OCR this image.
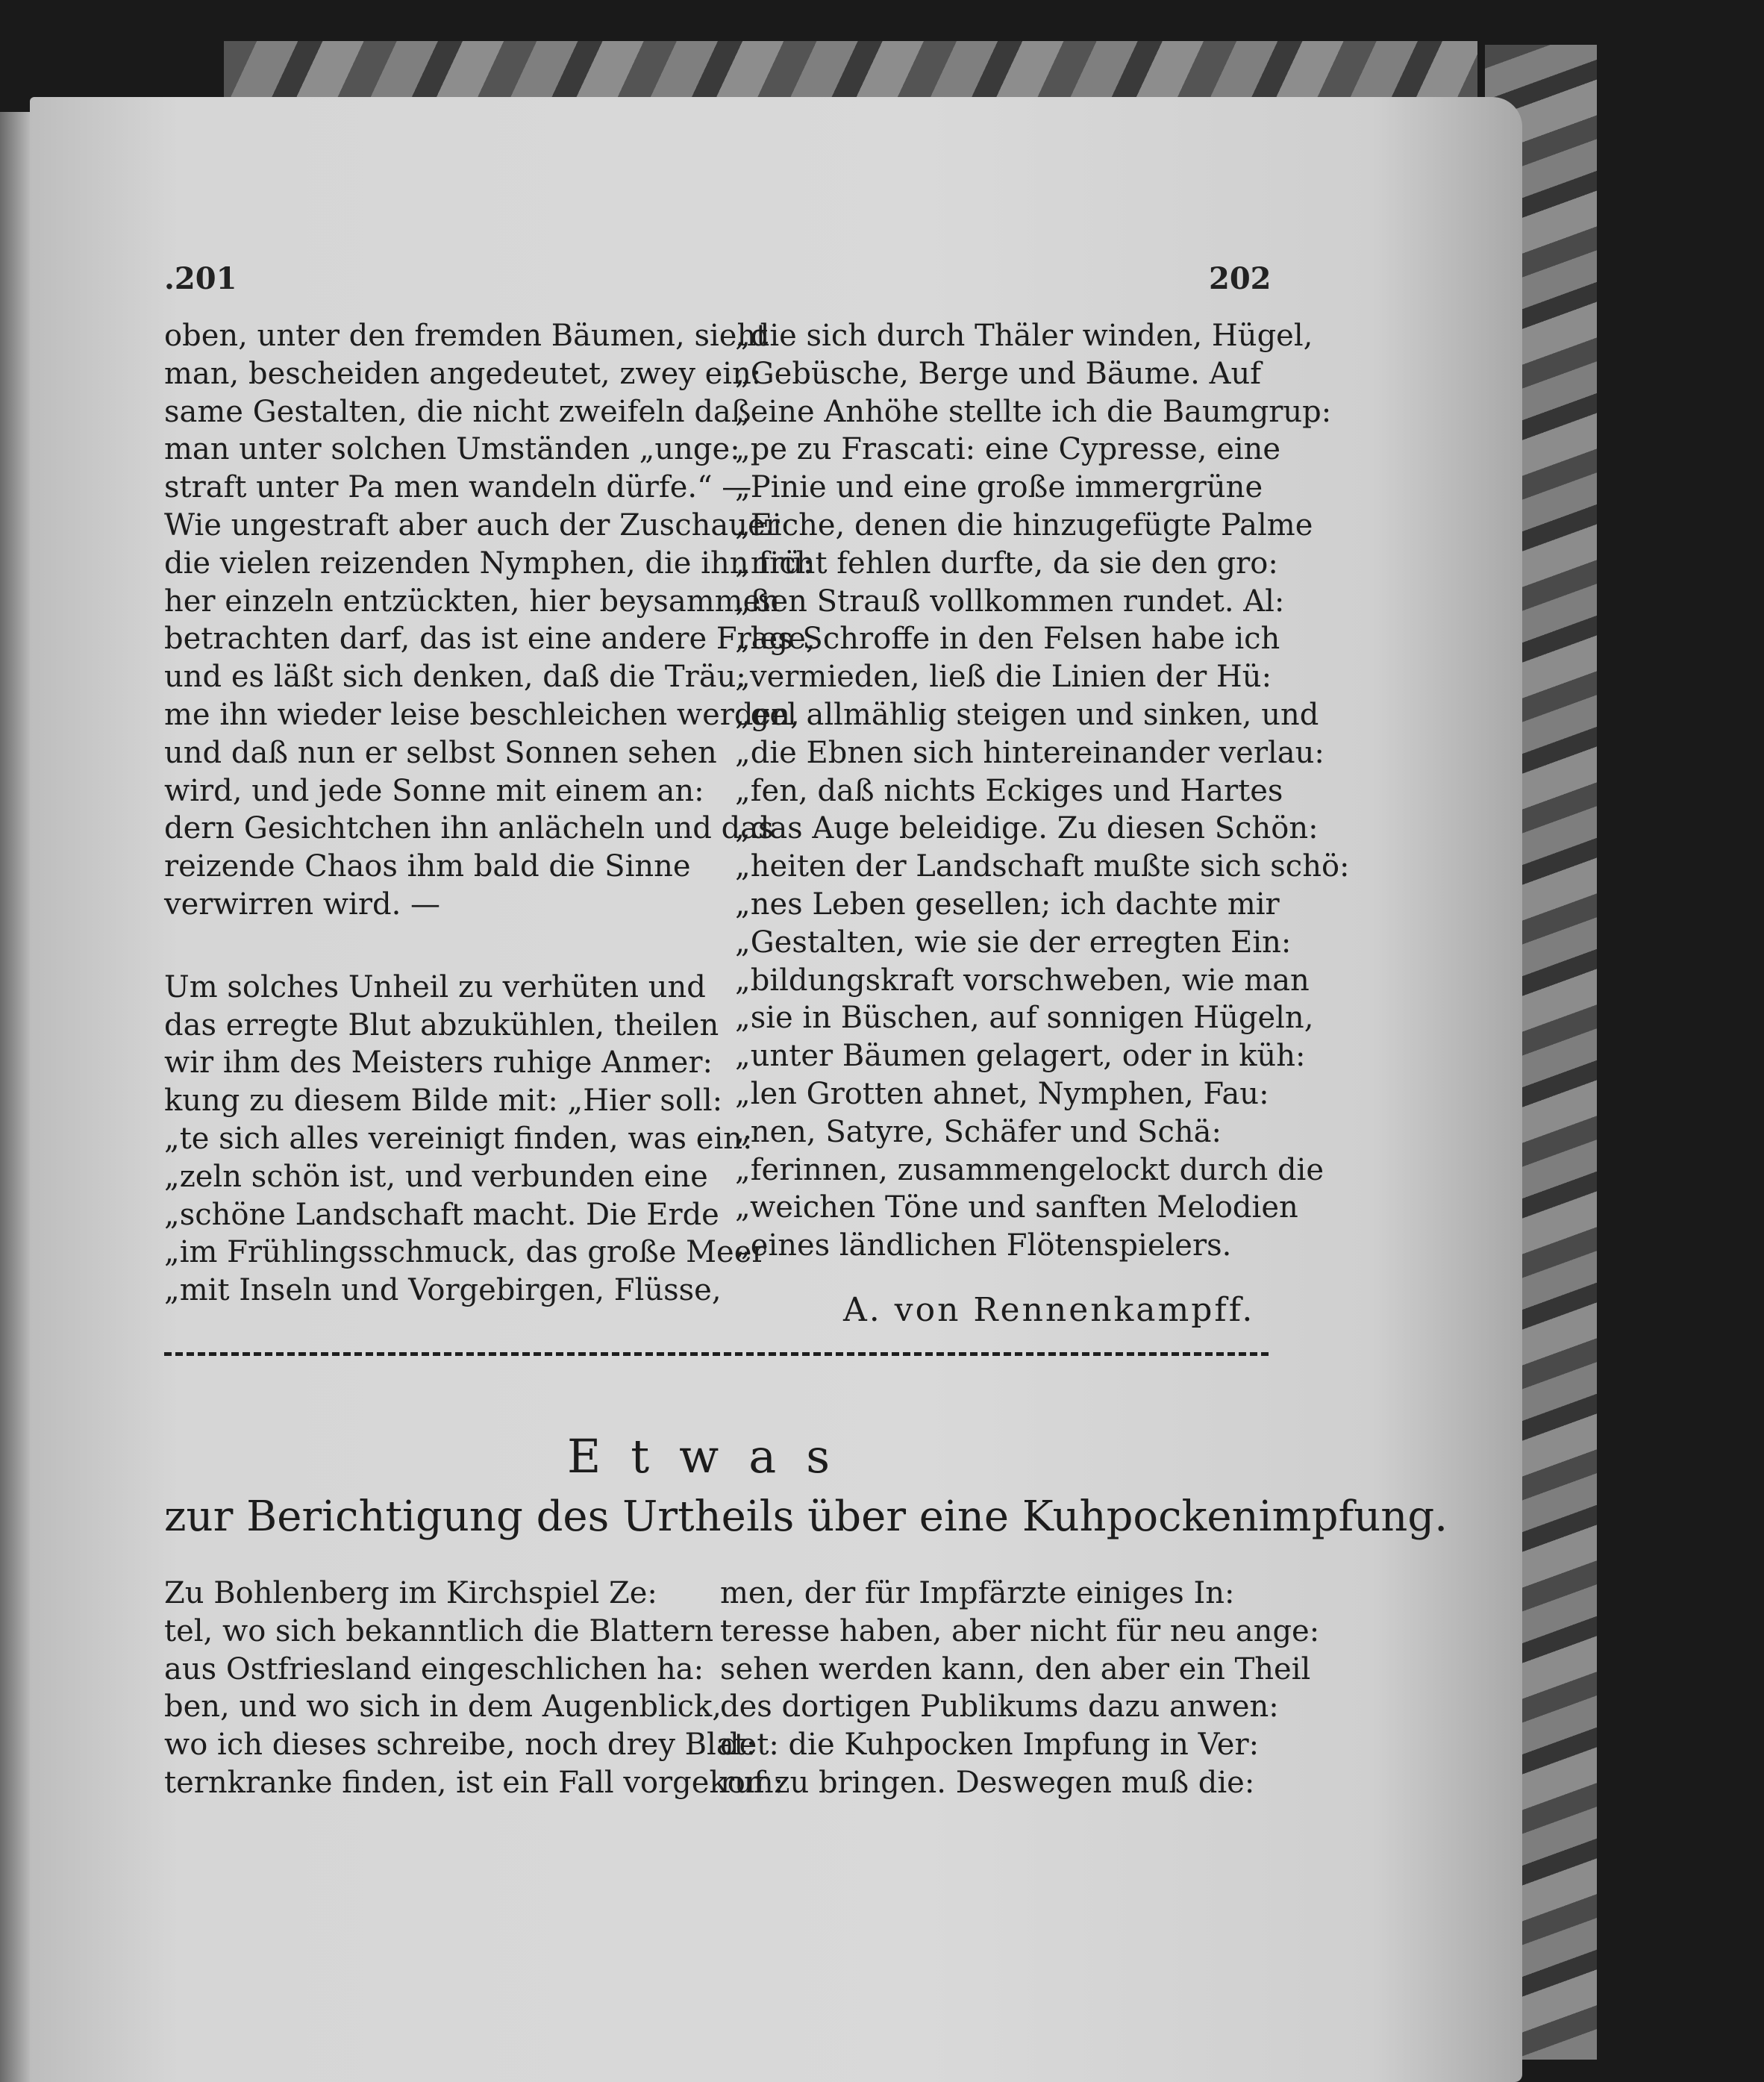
.201	202
oben, unter den fremden Bäumen, sieht
man, bescheiden angedeutet, zwey ein:
same Gestalten, die nicht zweifeln daß
man unter solchen Umständen „unge:
straft unter Pa men wandeln dürfe.“ —
Wie ungestraft aber auch der Zuschauer
die vielen reizenden Nymphen, die ihn frü:
her einzeln entzückten, hier beysammen
betrachten darf, das ist eine andere Frage,
und es läßt sich denken, daß die Träu:
me ihn wieder leise beschleichen werden,
und daß nun er selbst Sonnen sehen
wird, und jede Sonne mit einem an:
dern Gesichtchen ihn anlächeln und das
reizende Chaos ihm bald die Sinne
verwirren wird. —
Um solches Unheil zu verhüten und
das erregte Blut abzukühlen, theilen
wir ihm des Meisters ruhige Anmer:
kung zu diesem Bilde mit: „Hier soll:
„te sich alles vereinigt finden, was ein:
„zeln schön ist, und verbunden eine
„schöne Landschaft macht. Die Erde
„im Frühlingsschmuck, das große Meer
„mit Inseln und Vorgebirgen, Flüsse,
„die sich durch Thäler winden, Hügel,
„Gebüsche, Berge und Bäume. Auf
„eine Anhöhe stellte ich die Baumgrup:
„pe zu Frascati: eine Cypresse, eine
„Pinie und eine große immergrüne
„Eiche, denen die hinzugefügte Palme
„nicht fehlen durfte, da sie den gro:
„ßen Strauß vollkommen rundet. Al:
„les Schroffe in den Felsen habe ich
„vermieden, ließ die Linien der Hü:
„gel allmählig steigen und sinken, und
„die Ebnen sich hintereinander verlau:
„fen, daß nichts Eckiges und Hartes
„das Auge beleidige. Zu diesen Schön:
„heiten der Landschaft mußte sich schö:
„nes Leben gesellen; ich dachte mir
„Gestalten, wie sie der erregten Ein:
„bildungskraft vorschweben, wie man
„sie in Büschen, auf sonnigen Hügeln,
„unter Bäumen gelagert, oder in küh:
„len Grotten ahnet, Nymphen, Fau:
„nen, Satyre, Schäfer und Schä:
„ferinnen, zusammengelockt durch die
„weichen Töne und sanften Melodien
„eines ländlichen Flötenspielers.
A. von Rennenkampff.
Etwas
zur Berichtigung des Urtheils über eine Kuhpockenimpfung.
Zu Bohlenberg im Kirchspiel Ze:
tel, wo sich bekanntlich die Blattern
aus Ostfriesland eingeschlichen ha:
ben, und wo sich in dem Augenblick,
wo ich dieses schreibe, noch drey Blat:
ternkranke finden, ist ein Fall vorgekom:
men, der für Impfärzte einiges In:
teresse haben, aber nicht für neu ange:
sehen werden kann, den aber ein Theil
des dortigen Publikums dazu anwen:
det: die Kuhpocken Impfung in Ver:
ruf zu bringen. Deswegen muß die:
